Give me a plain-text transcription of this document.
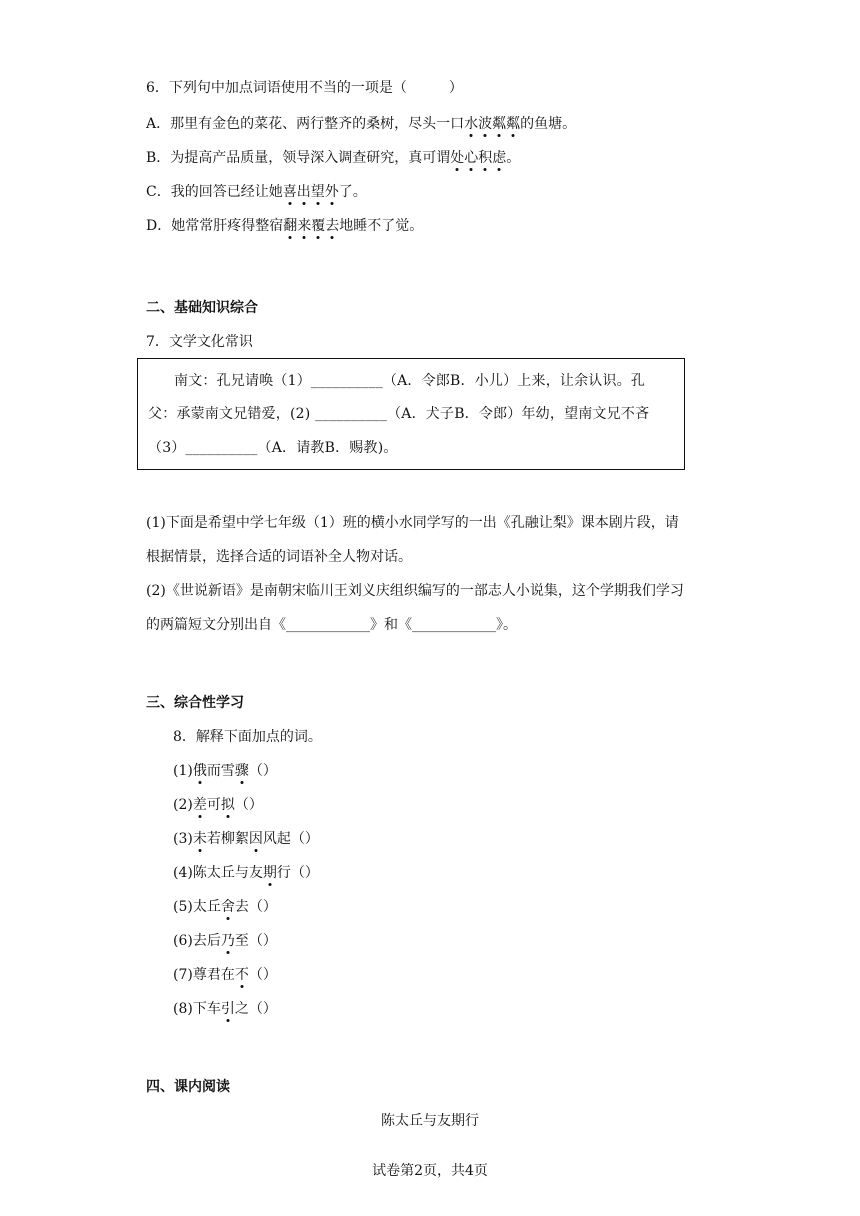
6．下列句中加点词语使用不当的一项是（　　　）
A．那里有金色的菜花、两行整齐的桑树，尽头一口水波粼粼的鱼塘。
B．为提高产品质量，领导深入调查研究，真可谓处心积虑。
C．我的回答已经让她喜出望外了。
D．她常常肝疼得整宿翻来覆去地睡不了觉。
二、基础知识综合
7．文学文化常识
南文：孔兄请唤（1）__________（A．令郎B．小儿）上来，让余认识。孔
父：承蒙南文兄错爱，(2) __________（A．犬子B．令郎）年幼，望南文兄不吝
（3）__________（A．请教B．赐教)。
(1)下面是希望中学七年级（1）班的横小水同学写的一出《孔融让梨》课本剧片段，请
根据情景，选择合适的词语补全人物对话。
(2)《世说新语》是南朝宋临川王刘义庆组织编写的一部志人小说集，这个学期我们学习
的两篇短文分别出自《____________》和《____________》。
三、综合性学习
8．解释下面加点的词。
(1)俄而雪骤（）
(2)差可拟（）
(3)未若柳絮因风起（）
(4)陈太丘与友期行（）
(5)太丘舍去（）
(6)去后乃至（）
(7)尊君在不（）
(8)下车引之（）
四、课内阅读
陈太丘与友期行
试卷第2页，共4页
